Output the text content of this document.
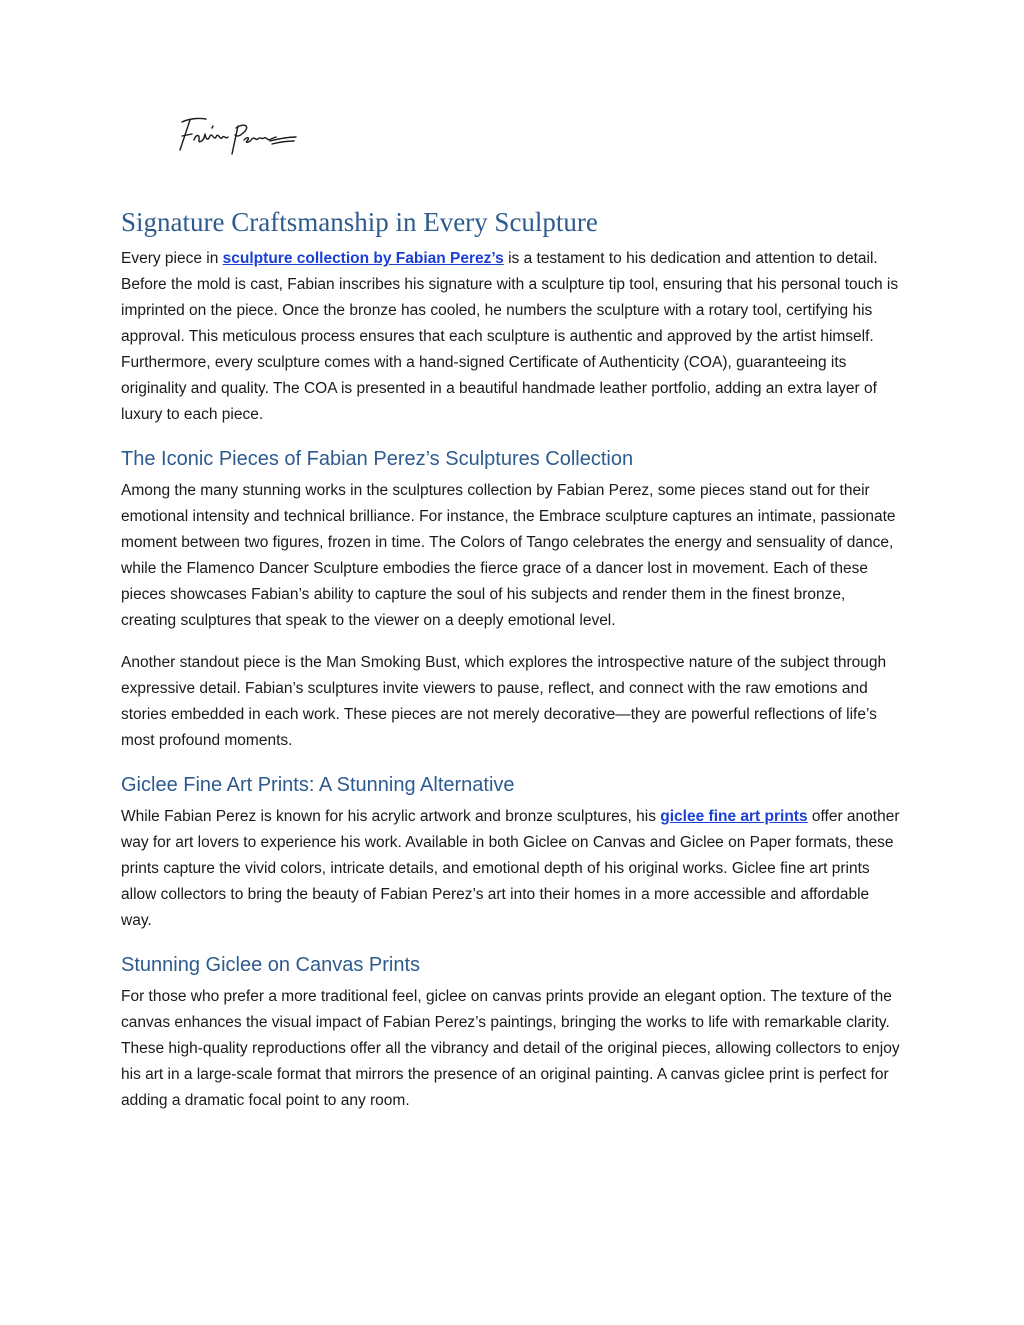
Signature Craftsmanship in Every Sculpture

Every piece in sculpture collection by Fabian Perez’s is a testament to his dedication and attention to detail. Before the mold is cast, Fabian inscribes his signature with a sculpture tip tool, ensuring that his personal touch is imprinted on the piece. Once the bronze has cooled, he numbers the sculpture with a rotary tool, certifying his approval. This meticulous process ensures that each sculpture is authentic and approved by the artist himself. Furthermore, every sculpture comes with a hand-signed Certificate of Authenticity (COA), guaranteeing its originality and quality. The COA is presented in a beautiful handmade leather portfolio, adding an extra layer of luxury to each piece.

The Iconic Pieces of Fabian Perez’s Sculptures Collection

Among the many stunning works in the sculptures collection by Fabian Perez, some pieces stand out for their emotional intensity and technical brilliance. For instance, the Embrace sculpture captures an intimate, passionate moment between two figures, frozen in time. The Colors of Tango celebrates the energy and sensuality of dance, while the Flamenco Dancer Sculpture embodies the fierce grace of a dancer lost in movement. Each of these pieces showcases Fabian’s ability to capture the soul of his subjects and render them in the finest bronze, creating sculptures that speak to the viewer on a deeply emotional level.

Another standout piece is the Man Smoking Bust, which explores the introspective nature of the subject through expressive detail. Fabian’s sculptures invite viewers to pause, reflect, and connect with the raw emotions and stories embedded in each work. These pieces are not merely decorative—they are powerful reflections of life’s most profound moments.

Giclee Fine Art Prints: A Stunning Alternative

While Fabian Perez is known for his acrylic artwork and bronze sculptures, his giclee fine art prints offer another way for art lovers to experience his work. Available in both Giclee on Canvas and Giclee on Paper formats, these prints capture the vivid colors, intricate details, and emotional depth of his original works. Giclee fine art prints allow collectors to bring the beauty of Fabian Perez’s art into their homes in a more accessible and affordable way.

Stunning Giclee on Canvas Prints

For those who prefer a more traditional feel, giclee on canvas prints provide an elegant option. The texture of the canvas enhances the visual impact of Fabian Perez’s paintings, bringing the works to life with remarkable clarity. These high-quality reproductions offer all the vibrancy and detail of the original pieces, allowing collectors to enjoy his art in a large-scale format that mirrors the presence of an original painting. A canvas giclee print is perfect for adding a dramatic focal point to any room.
